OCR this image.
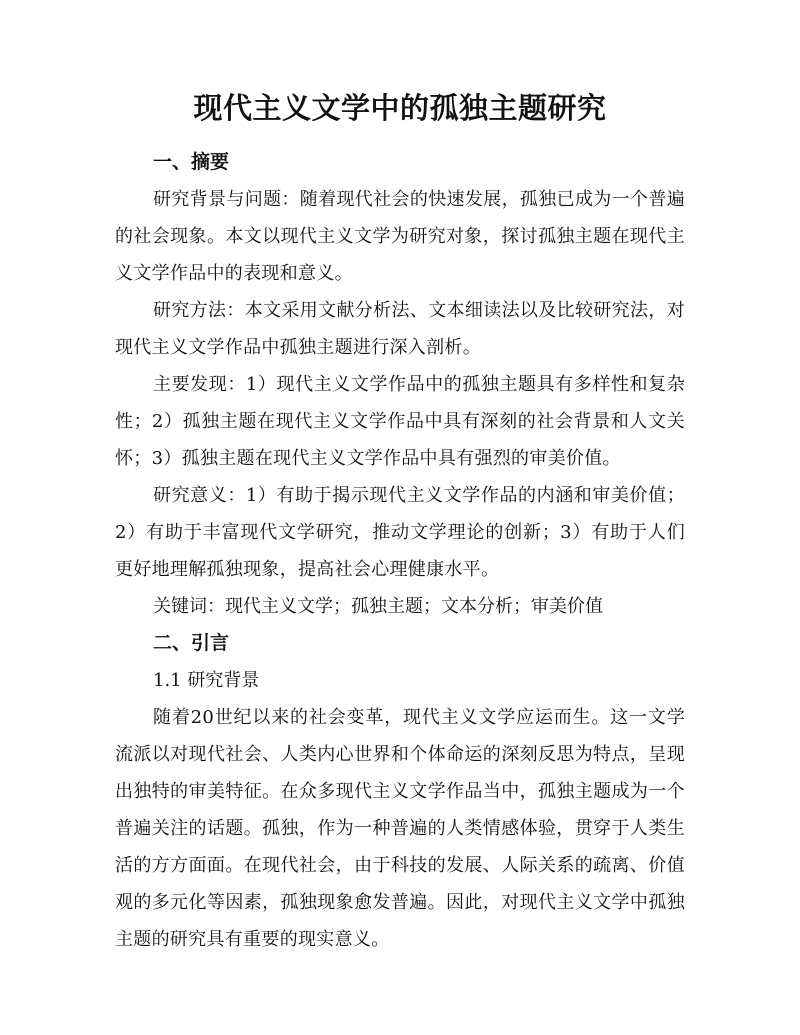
现代主义文学中的孤独主题研究
一、摘要

研究背景与问题：随着现代社会的快速发展，孤独已成为一个普遍的社会现象。本文以现代主义文学为研究对象，探讨孤独主题在现代主义文学作品中的表现和意义。

研究方法：本文采用文献分析法、文本细读法以及比较研究法，对现代主义文学作品中孤独主题进行深入剖析。

主要发现：1）现代主义文学作品中的孤独主题具有多样性和复杂性；2）孤独主题在现代主义文学作品中具有深刻的社会背景和人文关怀；3）孤独主题在现代主义文学作品中具有强烈的审美价值。

研究意义：1）有助于揭示现代主义文学作品的内涵和审美价值；2）有助于丰富现代文学研究，推动文学理论的创新；3）有助于人们更好地理解孤独现象，提高社会心理健康水平。

关键词：现代主义文学；孤独主题；文本分析；审美价值

二、引言

1.1 研究背景

随着20世纪以来的社会变革，现代主义文学应运而生。这一文学流派以对现代社会、人类内心世界和个体命运的深刻反思为特点，呈现出独特的审美特征。在众多现代主义文学作品当中，孤独主题成为一个普遍关注的话题。孤独，作为一种普遍的人类情感体验，贯穿于人类生活的方方面面。在现代社会，由于科技的发展、人际关系的疏离、价值观的多元化等因素，孤独现象愈发普遍。因此，对现代主义文学中孤独主题的研究具有重要的现实意义。
